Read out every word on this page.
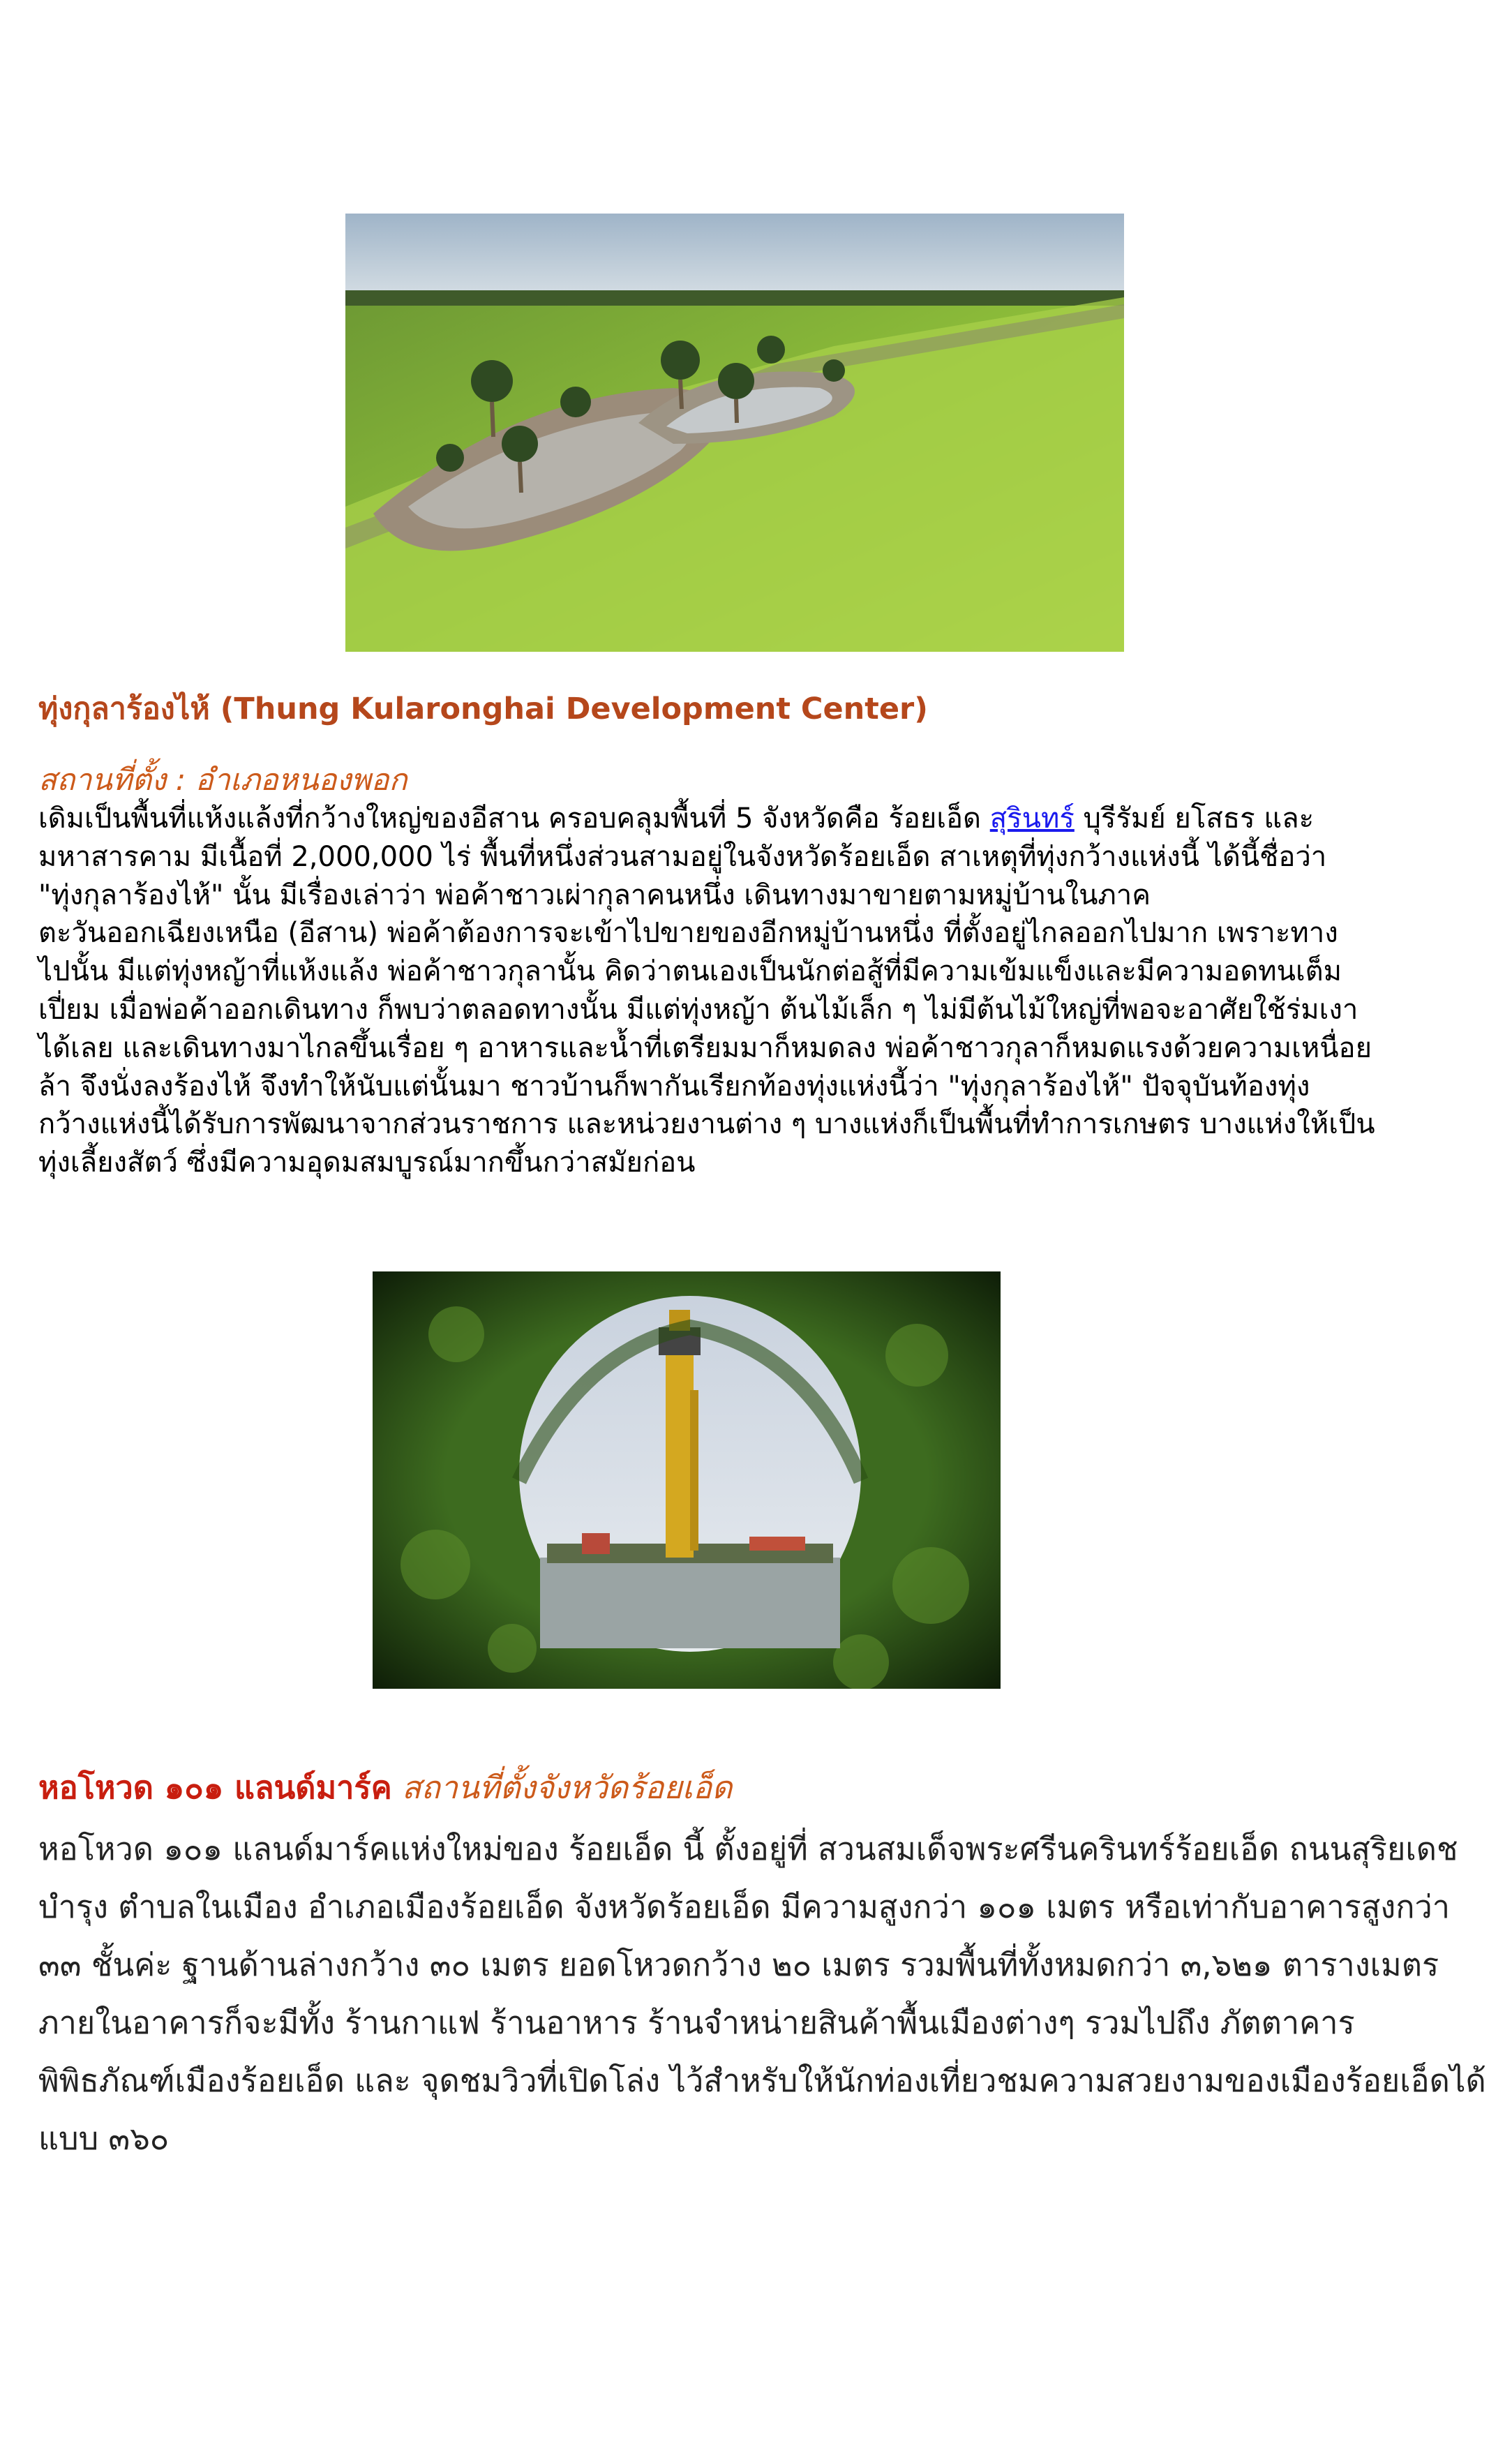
ทุ่งกุลาร้องไห้ (Thung Kularonghai Development Center)
สถานที่ตั้ง : อำเภอหนองพอก
เดิมเป็นพื้นที่แห้งแล้งที่กว้างใหญ่ของอีสาน ครอบคลุมพื้นที่ 5 จังหวัดคือ ร้อยเอ็ด สุรินทร์ บุรีรัมย์ ยโสธร และ
มหาสารคาม มีเนื้อที่ 2,000,000 ไร่ พื้นที่หนึ่งส่วนสามอยู่ในจังหวัดร้อยเอ็ด สาเหตุที่ทุ่งกว้างแห่งนี้ ได้นี้ชื่อว่า
"ทุ่งกุลาร้องไห้" นั้น มีเรื่องเล่าว่า พ่อค้าชาวเผ่ากุลาคนหนึ่ง เดินทางมาขายตามหมู่บ้านในภาค
ตะวันออกเฉียงเหนือ (อีสาน) พ่อค้าต้องการจะเข้าไปขายของอีกหมู่บ้านหนึ่ง ที่ตั้งอยู่ไกลออกไปมาก เพราะทาง
ไปนั้น มีแต่ทุ่งหญ้าที่แห้งแล้ง พ่อค้าชาวกุลานั้น คิดว่าตนเองเป็นนักต่อสู้ที่มีความเข้มแข็งและมีความอดทนเต็ม
เปี่ยม เมื่อพ่อค้าออกเดินทาง ก็พบว่าตลอดทางนั้น มีแต่ทุ่งหญ้า ต้นไม้เล็ก ๆ ไม่มีต้นไม้ใหญ่ที่พอจะอาศัยใช้ร่มเงา
ได้เลย และเดินทางมาไกลขึ้นเรื่อย ๆ อาหารและน้ำที่เตรียมมาก็หมดลง พ่อค้าชาวกุลาก็หมดแรงด้วยความเหนื่อย
ล้า จึงนั่งลงร้องไห้ จึงทำให้นับแต่นั้นมา ชาวบ้านก็พากันเรียกท้องทุ่งแห่งนี้ว่า "ทุ่งกุลาร้องไห้" ปัจจุบันท้องทุ่ง
กว้างแห่งนี้ได้รับการพัฒนาจากส่วนราชการ และหน่วยงานต่าง ๆ บางแห่งก็เป็นพื้นที่ทำการเกษตร บางแห่งให้เป็น
ทุ่งเลี้ยงสัตว์ ซึ่งมีความอุดมสมบูรณ์มากขึ้นกว่าสมัยก่อน
หอโหวด ๑๐๑ แลนด์มาร์ค สถานที่ตั้งจังหวัดร้อยเอ็ด
หอโหวด ๑๐๑ แลนด์มาร์คแห่งใหม่ของ ร้อยเอ็ด นี้ ตั้งอยู่ที่ สวนสมเด็จพระศรีนครินทร์ร้อยเอ็ด ถนนสุริยเดช
บำรุง ตำบลในเมือง อำเภอเมืองร้อยเอ็ด จังหวัดร้อยเอ็ด มีความสูงกว่า ๑๐๑ เมตร หรือเท่ากับอาคารสูงกว่า
๓๓ ชั้นค่ะ ฐานด้านล่างกว้าง ๓๐ เมตร ยอดโหวดกว้าง ๒๐ เมตร รวมพื้นที่ทั้งหมดกว่า ๓,๖๒๑ ตารางเมตร
ภายในอาคารก็จะมีทั้ง ร้านกาแฟ ร้านอาหาร ร้านจำหน่ายสินค้าพื้นเมืองต่างๆ รวมไปถึง ภัตตาคาร
พิพิธภัณฑ์เมืองร้อยเอ็ด และ จุดชมวิวที่เปิดโล่ง ไว้สำหรับให้นักท่องเที่ยวชมความสวยงามของเมืองร้อยเอ็ดได้
แบบ ๓๖๐
